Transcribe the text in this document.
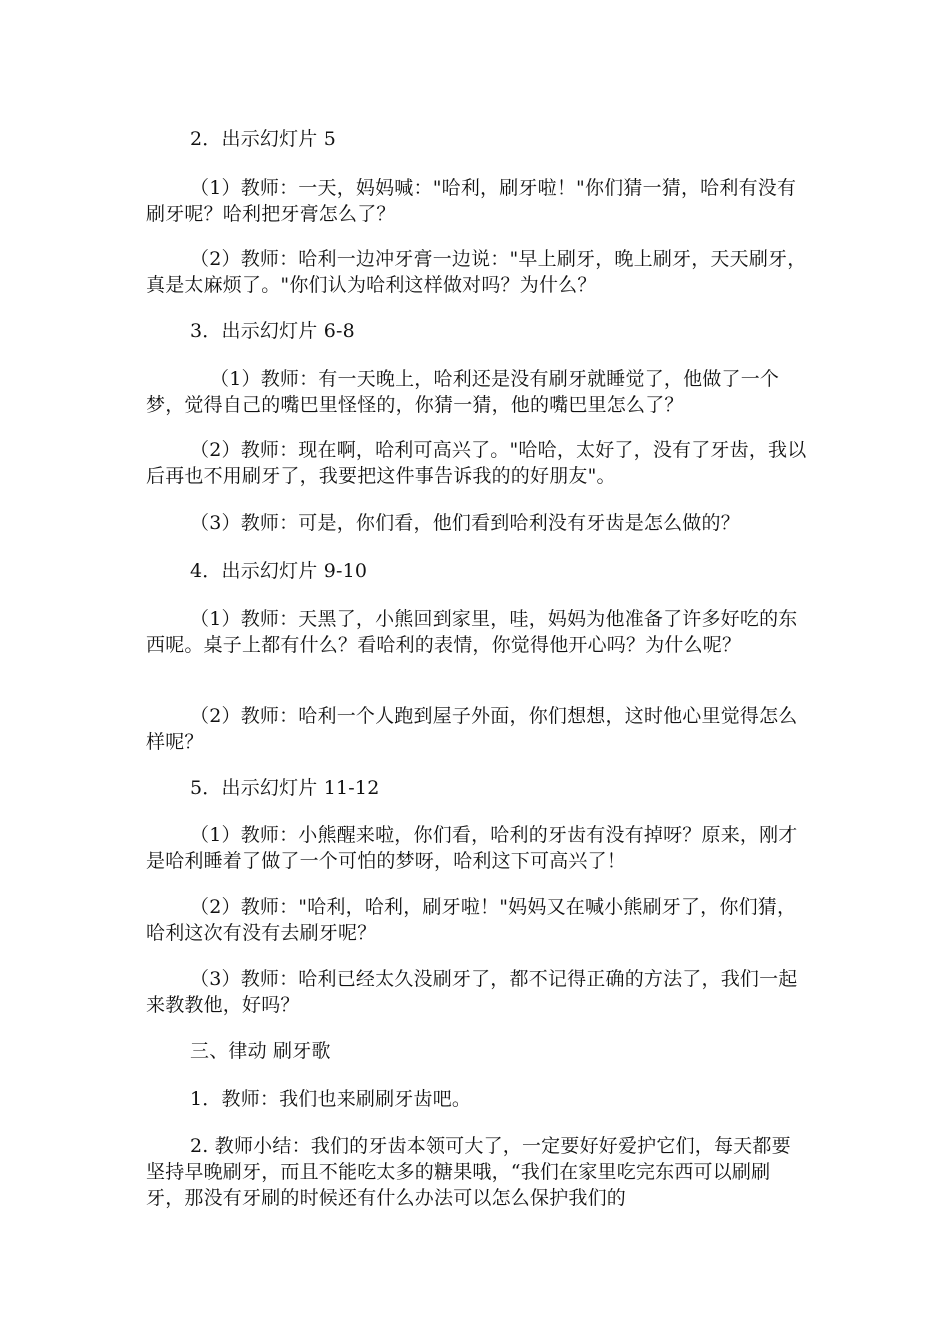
2．出示幻灯片 5

（1）教师：一天，妈妈喊："哈利，刷牙啦！"你们猜一猜，哈利有没有刷牙呢？哈利把牙膏怎么了？

（2）教师：哈利一边冲牙膏一边说："早上刷牙，晚上刷牙，天天刷牙，真是太麻烦了。"你们认为哈利这样做对吗？为什么？

3．出示幻灯片 6-8

（1）教师：有一天晚上，哈利还是没有刷牙就睡觉了，他做了一个梦，觉得自己的嘴巴里怪怪的，你猜一猜，他的嘴巴里怎么了？

（2）教师：现在啊，哈利可高兴了。"哈哈，太好了，没有了牙齿，我以后再也不用刷牙了，我要把这件事告诉我的的好朋友"。

（3）教师：可是，你们看，他们看到哈利没有牙齿是怎么做的？

4．出示幻灯片 9-10

（1）教师：天黑了，小熊回到家里，哇，妈妈为他准备了许多好吃的东西呢。桌子上都有什么？看哈利的表情，你觉得他开心吗？为什么呢？

（2）教师：哈利一个人跑到屋子外面，你们想想，这时他心里觉得怎么样呢？

5．出示幻灯片 11-12

（1）教师：小熊醒来啦，你们看，哈利的牙齿有没有掉呀？原来，刚才是哈利睡着了做了一个可怕的梦呀，哈利这下可高兴了！

（2）教师："哈利，哈利，刷牙啦！"妈妈又在喊小熊刷牙了，你们猜，哈利这次有没有去刷牙呢？

（3）教师：哈利已经太久没刷牙了，都不记得正确的方法了，我们一起来教教他，好吗？

三、律动 刷牙歌

1．教师：我们也来刷刷牙齿吧。

2. 教师小结：我们的牙齿本领可大了，一定要好好爱护它们，每天都要坚持早晚刷牙，而且不能吃太多的糖果哦，“我们在家里吃完东西可以刷刷牙，那没有牙刷的时候还有什么办法可以怎么保护我们的
